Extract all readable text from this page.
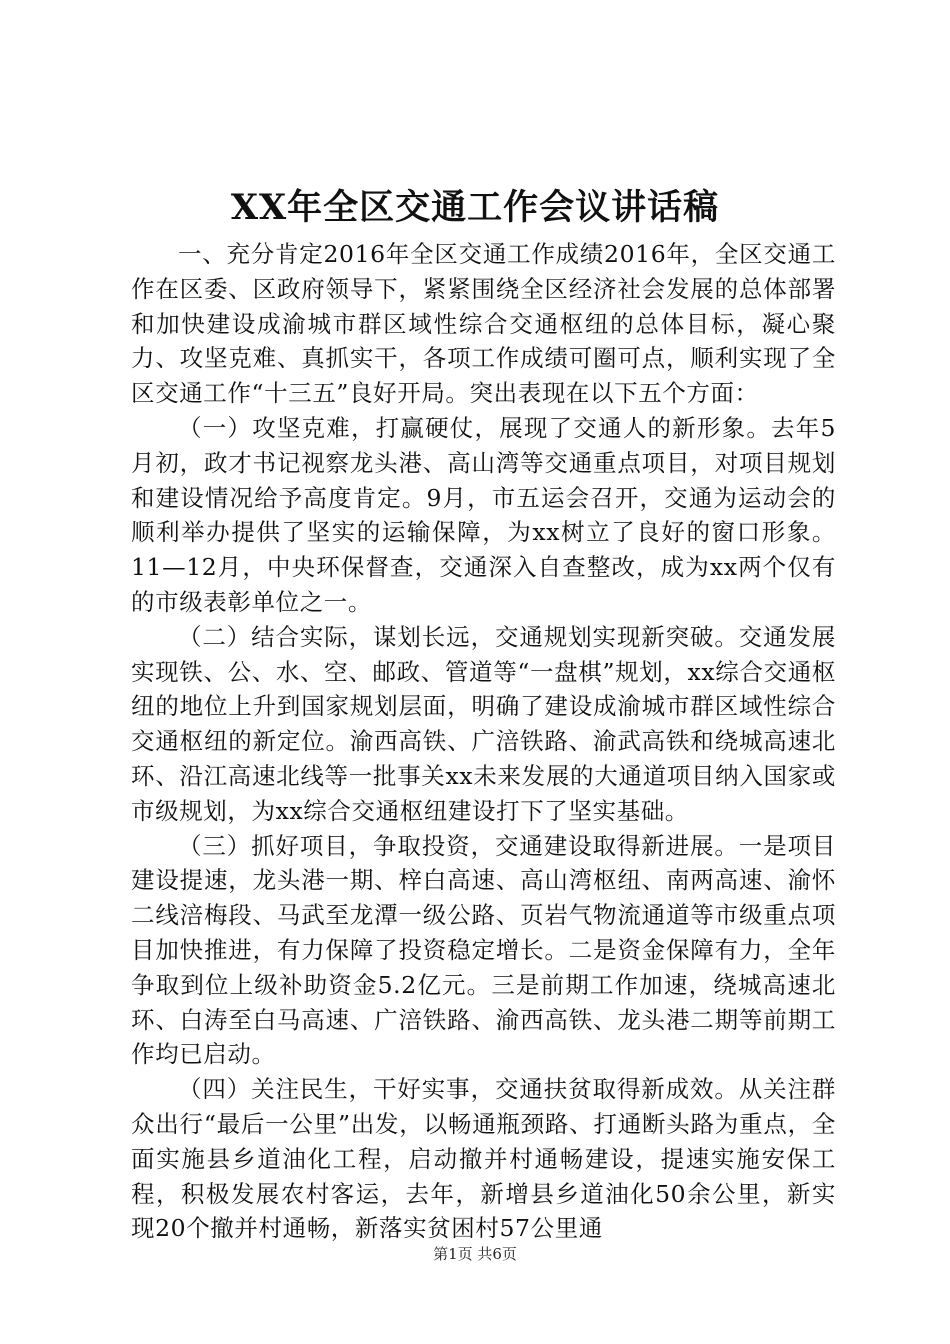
XX年全区交通工作会议讲话稿

一、充分肯定2016年全区交通工作成绩2016年，全区交通工作在区委、区政府领导下，紧紧围绕全区经济社会发展的总体部署和加快建设成渝城市群区域性综合交通枢纽的总体目标，凝心聚力、攻坚克难、真抓实干，各项工作成绩可圈可点，顺利实现了全区交通工作“十三五”良好开局。突出表现在以下五个方面：

（一）攻坚克难，打赢硬仗，展现了交通人的新形象。去年5月初，政才书记视察龙头港、高山湾等交通重点项目，对项目规划和建设情况给予高度肯定。9月，市五运会召开，交通为运动会的顺利举办提供了坚实的运输保障，为xx树立了良好的窗口形象。11—12月，中央环保督查，交通深入自查整改，成为xx两个仅有的市级表彰单位之一。

（二）结合实际，谋划长远，交通规划实现新突破。交通发展实现铁、公、水、空、邮政、管道等“一盘棋”规划，xx综合交通枢纽的地位上升到国家规划层面，明确了建设成渝城市群区域性综合交通枢纽的新定位。渝西高铁、广涪铁路、渝武高铁和绕城高速北环、沿江高速北线等一批事关xx未来发展的大通道项目纳入国家或市级规划，为xx综合交通枢纽建设打下了坚实基础。

（三）抓好项目，争取投资，交通建设取得新进展。一是项目建设提速，龙头港一期、梓白高速、高山湾枢纽、南两高速、渝怀二线涪梅段、马武至龙潭一级公路、页岩气物流通道等市级重点项目加快推进，有力保障了投资稳定增长。二是资金保障有力，全年争取到位上级补助资金5.2亿元。三是前期工作加速，绕城高速北环、白涛至白马高速、广涪铁路、渝西高铁、龙头港二期等前期工作均已启动。

（四）关注民生，干好实事，交通扶贫取得新成效。从关注群众出行“最后一公里”出发，以畅通瓶颈路、打通断头路为重点，全面实施县乡道油化工程，启动撤并村通畅建设，提速实施安保工程，积极发展农村客运，去年，新增县乡道油化50余公里，新实现20个撤并村通畅，新落实贫困村57公里通

第1页 共6页
